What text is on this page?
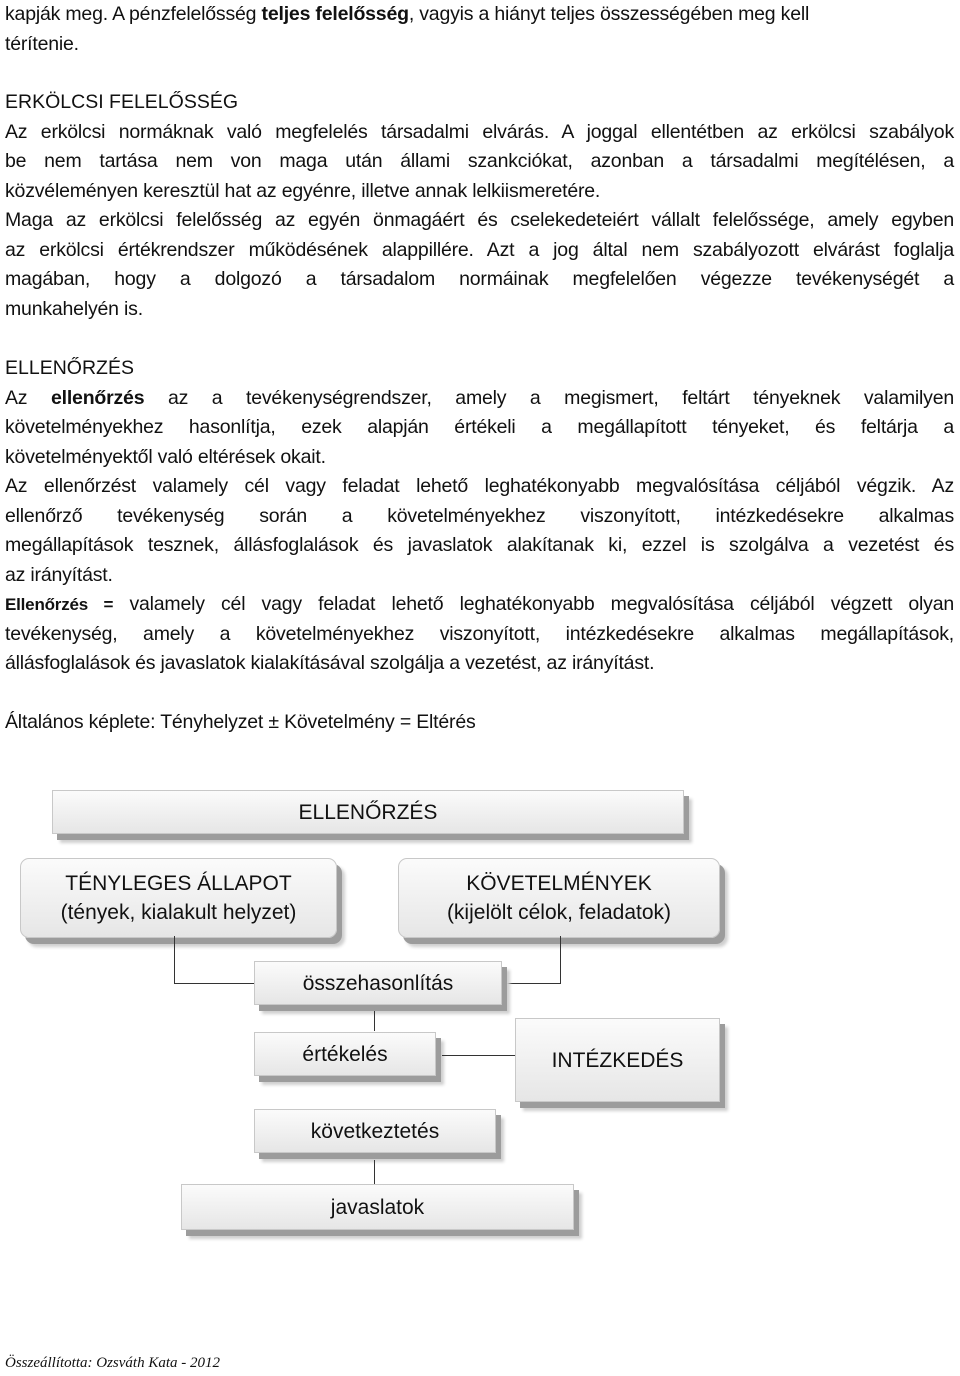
kapják meg. A pénzfelelősség teljes felelősség, vagyis a hiányt teljes összességében meg kell

térítenie.

ERKÖLCSI FELELŐSSÉG

Az erkölcsi normáknak való megfelelés társadalmi elvárás. A joggal ellentétben az erkölcsi szabályok

be nem tartása nem von maga után állami szankciókat, azonban a társadalmi megítélésen, a

közvéleményen keresztül hat az egyénre, illetve annak lelkiismeretére.

Maga az erkölcsi felelősség az egyén önmagáért és cselekedeteiért vállalt felelőssége, amely egyben

az erkölcsi értékrendszer működésének alappillére. Azt a jog által nem szabályozott elvárást foglalja

magában, hogy a dolgozó a társadalom normáinak megfelelően végezze tevékenységét a

munkahelyén is.

ELLENŐRZÉS

Az ellenőrzés az a tevékenységrendszer, amely a megismert, feltárt tényeknek valamilyen

követelményekhez hasonlítja, ezek alapján értékeli a megállapított tényeket, és feltárja a

követelményektől való eltérések okait.

Az ellenőrzést valamely cél vagy feladat lehető leghatékonyabb megvalósítása céljából végzik. Az

ellenőrző tevékenység során a követelményekhez viszonyított, intézkedésekre alkalmas

megállapítások tesznek, állásfoglalások és javaslatok alakítanak ki, ezzel is szolgálva a vezetést és

az irányítást.

Ellenőrzés = valamely cél vagy feladat lehető leghatékonyabb megvalósítása céljából végzett olyan

tevékenység, amely a követelményekhez viszonyított, intézkedésekre alkalmas megállapítások,

állásfoglalások és javaslatok kialakításával szolgálja a vezetést, az irányítást.

Általános képlete: Tényhelyzet ± Követelmény = Eltérés

ELLENŐRZÉS
TÉNYLEGES ÁLLAPOT
(tények, kialakult helyzet)
KÖVETELMÉNYEK
(kijelölt célok, feladatok)
összehasonlítás
értékelés	INTÉZKEDÉS
következtetés
javaslatok
Összeállította: Ozsváth Kata - 2012
